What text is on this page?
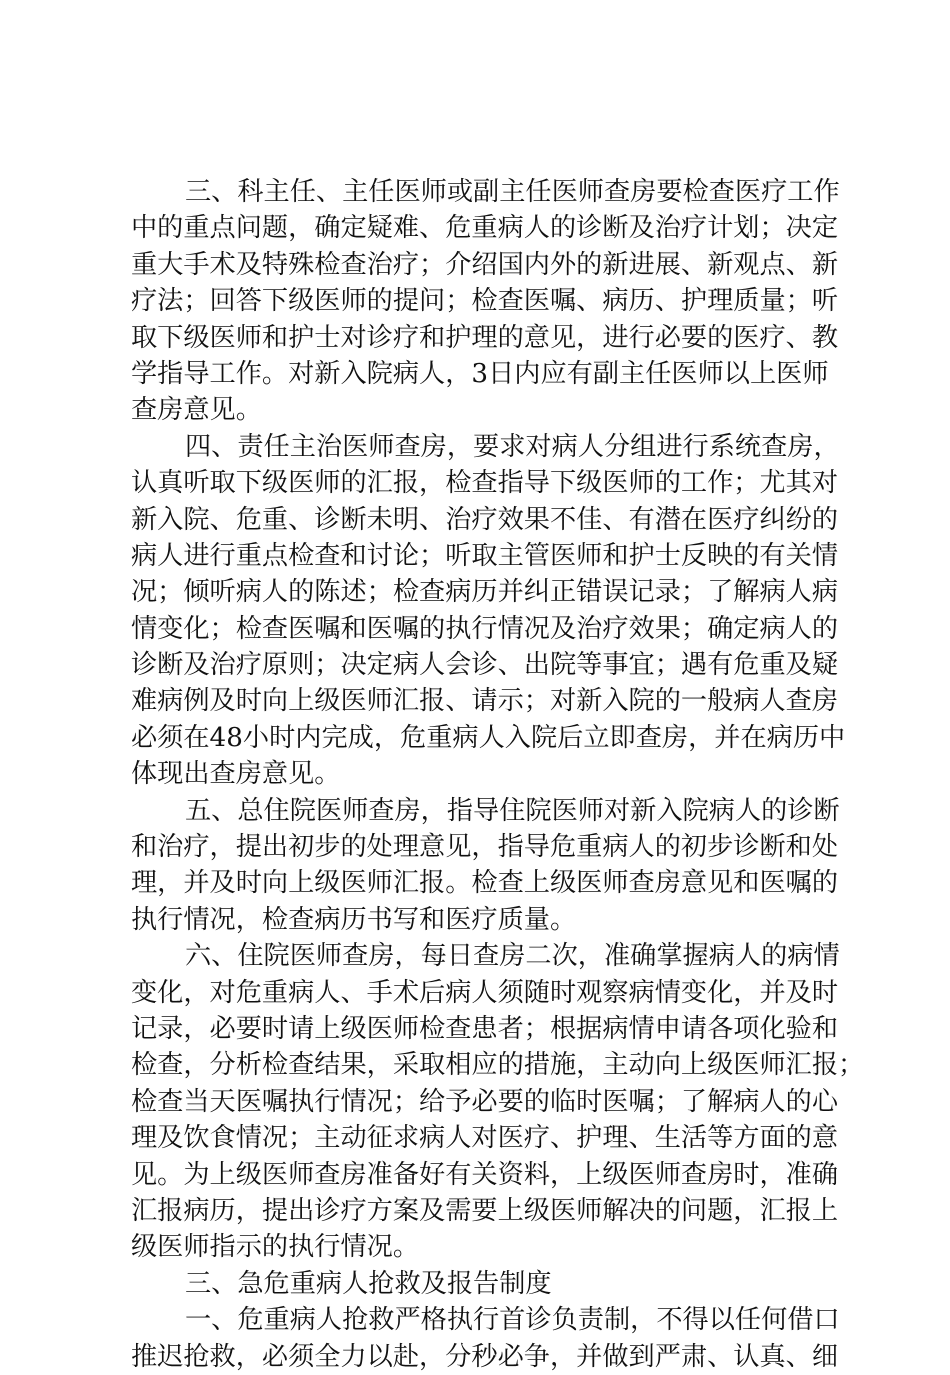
三、科主任、主任医师或副主任医师查房要检查医疗工作
中的重点问题，确定疑难、危重病人的诊断及治疗计划；决定
重大手术及特殊检查治疗；介绍国内外的新进展、新观点、新
疗法；回答下级医师的提问；检查医嘱、病历、护理质量；听
取下级医师和护士对诊疗和护理的意见，进行必要的医疗、教
学指导工作。对新入院病人，3日内应有副主任医师以上医师
查房意见。
四、责任主治医师查房，要求对病人分组进行系统查房，
认真听取下级医师的汇报，检查指导下级医师的工作；尤其对
新入院、危重、诊断未明、治疗效果不佳、有潜在医疗纠纷的
病人进行重点检查和讨论；听取主管医师和护士反映的有关情
况；倾听病人的陈述；检查病历并纠正错误记录；了解病人病
情变化；检查医嘱和医嘱的执行情况及治疗效果；确定病人的
诊断及治疗原则；决定病人会诊、出院等事宜；遇有危重及疑
难病例及时向上级医师汇报、请示；对新入院的一般病人查房
必须在48小时内完成，危重病人入院后立即查房，并在病历中
体现出查房意见。
五、总住院医师查房，指导住院医师对新入院病人的诊断
和治疗，提出初步的处理意见，指导危重病人的初步诊断和处
理，并及时向上级医师汇报。检查上级医师查房意见和医嘱的
执行情况，检查病历书写和医疗质量。
六、住院医师查房，每日查房二次，准确掌握病人的病情
变化，对危重病人、手术后病人须随时观察病情变化，并及时
记录，必要时请上级医师检查患者；根据病情申请各项化验和
检查，分析检查结果，采取相应的措施，主动向上级医师汇报；
检查当天医嘱执行情况；给予必要的临时医嘱；了解病人的心
理及饮食情况；主动征求病人对医疗、护理、生活等方面的意
见。为上级医师查房准备好有关资料，上级医师查房时，准确
汇报病历，提出诊疗方案及需要上级医师解决的问题，汇报上
级医师指示的执行情况。
三、急危重病人抢救及报告制度
一、危重病人抢救严格执行首诊负责制，不得以任何借口
推迟抢救，必须全力以赴，分秒必争，并做到严肃、认真、细
